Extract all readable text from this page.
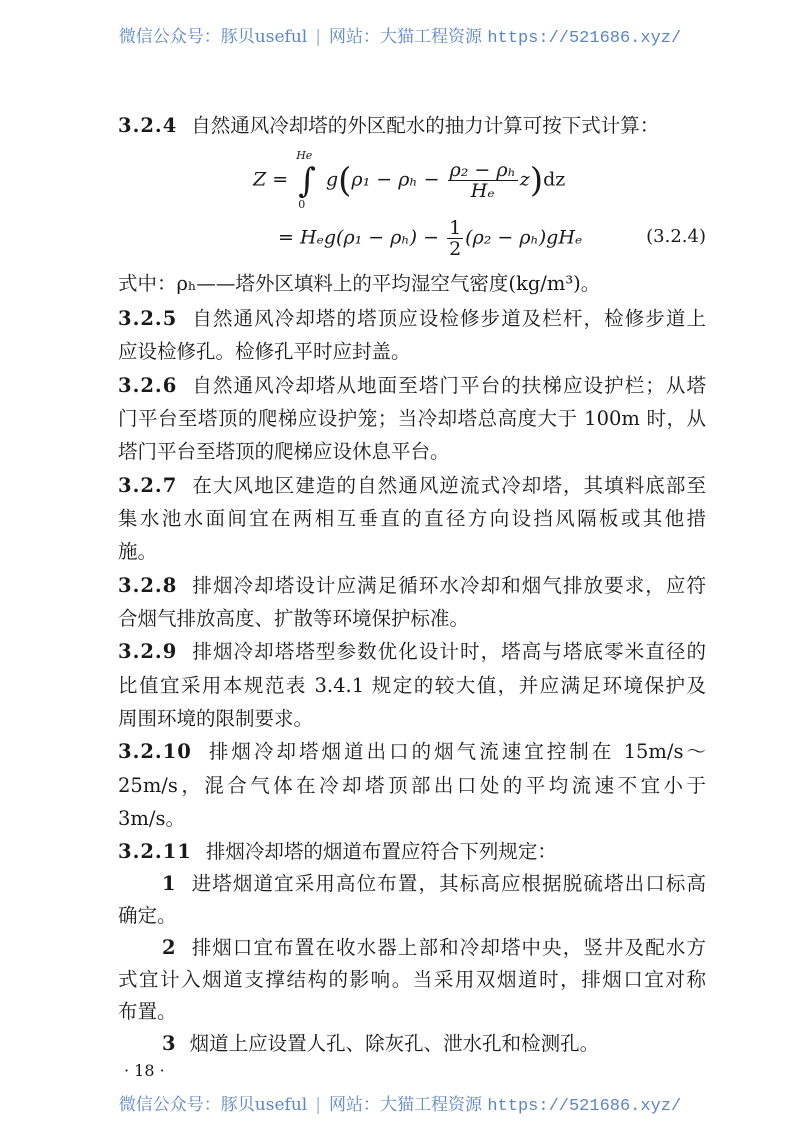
微信公众号：豚贝useful | 网站：大猫工程资源 https://521686.xyz/
3.2.4 自然通风冷却塔的外区配水的抽力计算可按下式计算：
Z = ∫
He
0
$g(\rho_1 - \rho_h - \frac{\text{ρ₂ − ρₕ}}{\text{Hₑ}} z)dz$
= $H_eg(\rho_1 - \rho_h) - \frac{1}{2} (\rho_2 - \rho_h)gH_e$	(3.2.4)
式中：ρₕ——塔外区填料上的平均湿空气密度(kg/m³)。
3.2.5 自然通风冷却塔的塔顶应设检修步道及栏杆，检修步道上
应设检修孔。检修孔平时应封盖。
3.2.6 自然通风冷却塔从地面至塔门平台的扶梯应设护栏；从塔
门平台至塔顶的爬梯应设护笼；当冷却塔总高度大于 100m 时，从
塔门平台至塔顶的爬梯应设休息平台。
3.2.7 在大风地区建造的自然通风逆流式冷却塔，其填料底部至
集水池水面间宜在两相互垂直的直径方向设挡风隔板或其他措
施。
3.2.8 排烟冷却塔设计应满足循环水冷却和烟气排放要求，应符
合烟气排放高度、扩散等环境保护标准。
3.2.9 排烟冷却塔塔型参数优化设计时，塔高与塔底零米直径的
比值宜采用本规范表 3.4.1 规定的较大值，并应满足环境保护及
周围环境的限制要求。
3.2.10 排烟冷却塔烟道出口的烟气流速宜控制在 15m/s～
25m/s，混合气体在冷却塔顶部出口处的平均流速不宜小于
3m/s。
3.2.11 排烟冷却塔的烟道布置应符合下列规定：
1 进塔烟道宜采用高位布置，其标高应根据脱硫塔出口标高
确定。
2 排烟口宜布置在收水器上部和冷却塔中央，竖井及配水方
式宜计入烟道支撑结构的影响。当采用双烟道时，排烟口宜对称
布置。
3 烟道上应设置人孔、除灰孔、泄水孔和检测孔。
· 18 ·
微信公众号：豚贝useful | 网站：大猫工程资源 https://521686.xyz/
